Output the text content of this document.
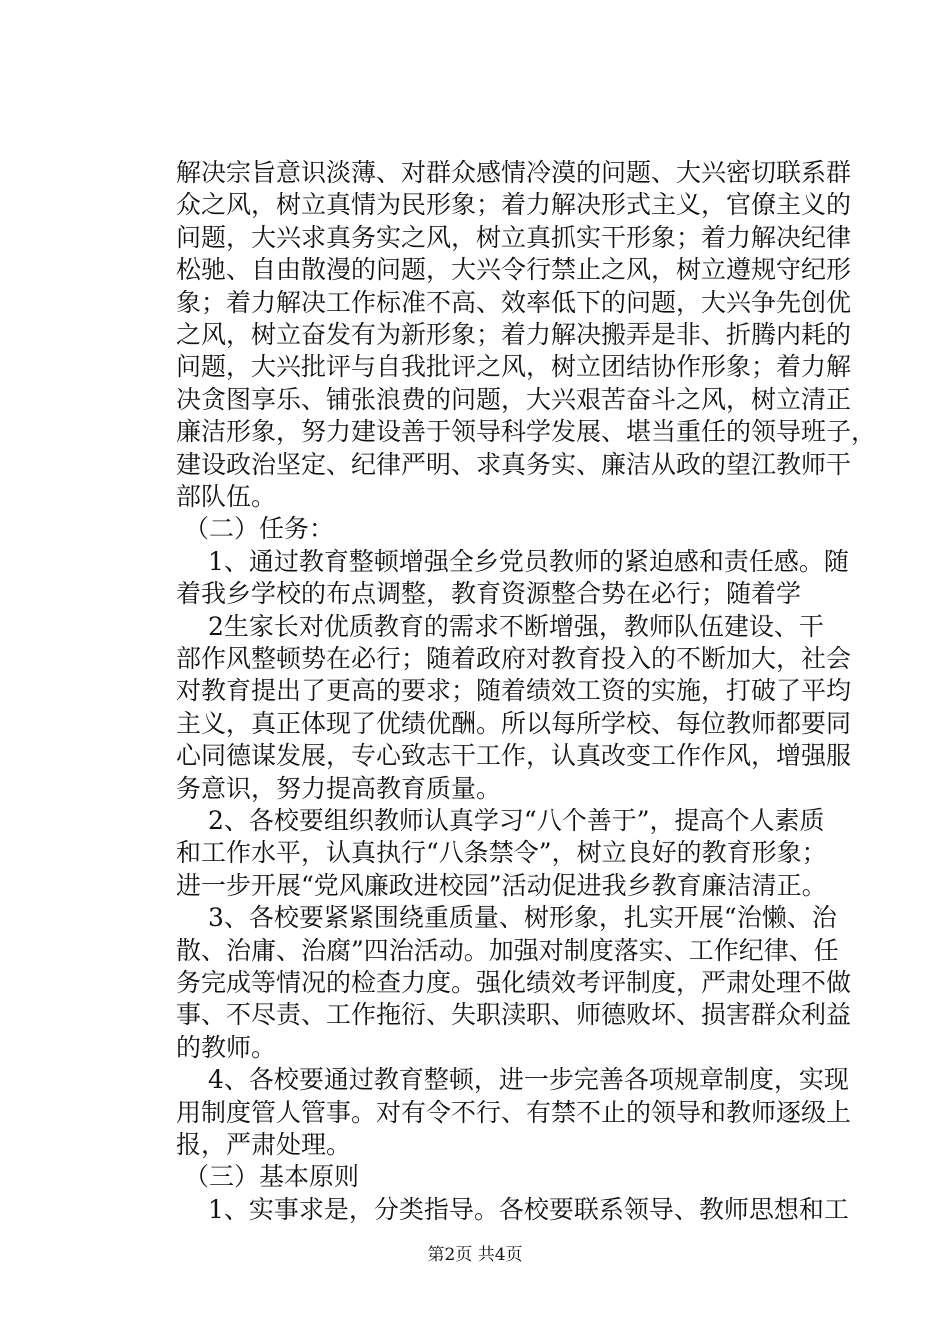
解决宗旨意识淡薄、对群众感情冷漠的问题、大兴密切联系群
众之风，树立真情为民形象；着力解决形式主义，官僚主义的
问题，大兴求真务实之风，树立真抓实干形象；着力解决纪律
松驰、自由散漫的问题，大兴令行禁止之风，树立遵规守纪形
象；着力解决工作标准不高、效率低下的问题，大兴争先创优
之风，树立奋发有为新形象；着力解决搬弄是非、折腾内耗的
问题，大兴批评与自我批评之风，树立团结协作形象；着力解
决贪图享乐、铺张浪费的问题，大兴艰苦奋斗之风，树立清正
廉洁形象，努力建设善于领导科学发展、堪当重任的领导班子，
建设政治坚定、纪律严明、求真务实、廉洁从政的望江教师干
部队伍。
（二）任务：
1、通过教育整顿增强全乡党员教师的紧迫感和责任感。随
着我乡学校的布点调整，教育资源整合势在必行；随着学
2生家长对优质教育的需求不断增强，教师队伍建设、干
部作风整顿势在必行；随着政府对教育投入的不断加大，社会
对教育提出了更高的要求；随着绩效工资的实施，打破了平均
主义，真正体现了优绩优酬。所以每所学校、每位教师都要同
心同德谋发展，专心致志干工作，认真改变工作作风，增强服
务意识，努力提高教育质量。
2、各校要组织教师认真学习“八个善于”，提高个人素质
和工作水平，认真执行“八条禁令”，树立良好的教育形象；
进一步开展“党风廉政进校园”活动促进我乡教育廉洁清正。
3、各校要紧紧围绕重质量、树形象，扎实开展“治懒、治
散、治庸、治腐”四治活动。加强对制度落实、工作纪律、任
务完成等情况的检查力度。强化绩效考评制度，严肃处理不做
事、不尽责、工作拖衍、失职渎职、师德败坏、损害群众利益
的教师。
4、各校要通过教育整顿，进一步完善各项规章制度，实现
用制度管人管事。对有令不行、有禁不止的领导和教师逐级上
报，严肃处理。
（三）基本原则
1、实事求是，分类指导。各校要联系领导、教师思想和工
第2页 共4页
